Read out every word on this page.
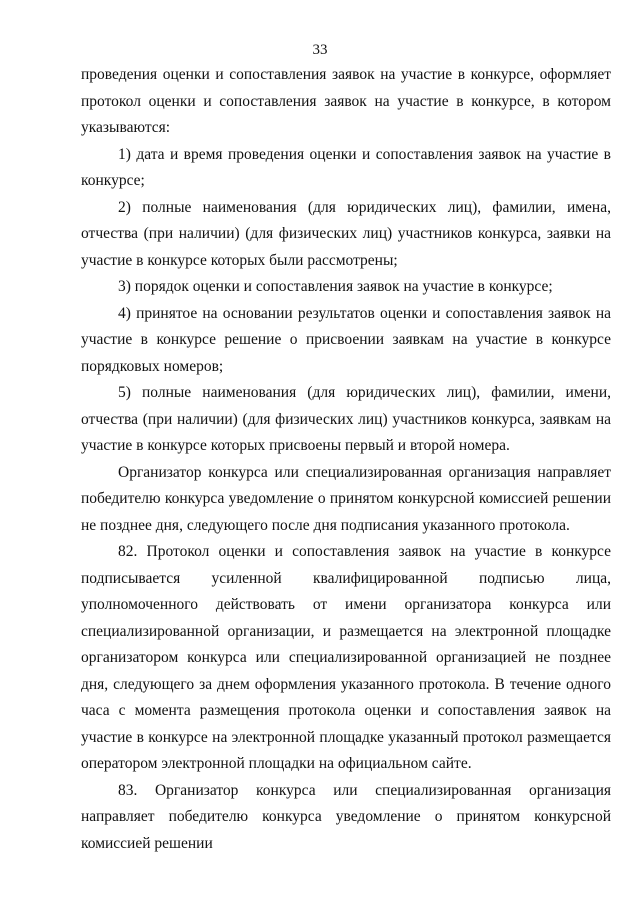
33

проведения оценки и сопоставления заявок на участие в конкурсе, оформляет протокол оценки и сопоставления заявок на участие в конкурсе, в котором указываются:

1) дата и время проведения оценки и сопоставления заявок на участие в конкурсе;

2) полные наименования (для юридических лиц), фамилии, имена, отчества (при наличии) (для физических лиц) участников конкурса, заявки на участие в конкурсе которых были рассмотрены;

3) порядок оценки и сопоставления заявок на участие в конкурсе;

4) принятое на основании результатов оценки и сопоставления заявок на участие в конкурсе решение о присвоении заявкам на участие в конкурсе порядковых номеров;

5) полные наименования (для юридических лиц), фамилии, имени, отчества (при наличии) (для физических лиц) участников конкурса, заявкам на участие в конкурсе которых присвоены первый и второй номера.

Организатор конкурса или специализированная организация направляет победителю конкурса уведомление о принятом конкурсной комиссией решении не позднее дня, следующего после дня подписания указанного протокола.

82. Протокол оценки и сопоставления заявок на участие в конкурсе подписывается усиленной квалифицированной подписью лица, уполномоченного действовать от имени организатора конкурса или специализированной организации, и размещается на электронной площадке организатором конкурса или специализированной организацией не позднее дня, следующего за днем оформления указанного протокола. В течение одного часа с момента размещения протокола оценки и сопоставления заявок на участие в конкурсе на электронной площадке указанный протокол размещается оператором электронной площадки на официальном сайте.

83. Организатор конкурса или специализированная организация направляет победителю конкурса уведомление о принятом конкурсной комиссией решении
